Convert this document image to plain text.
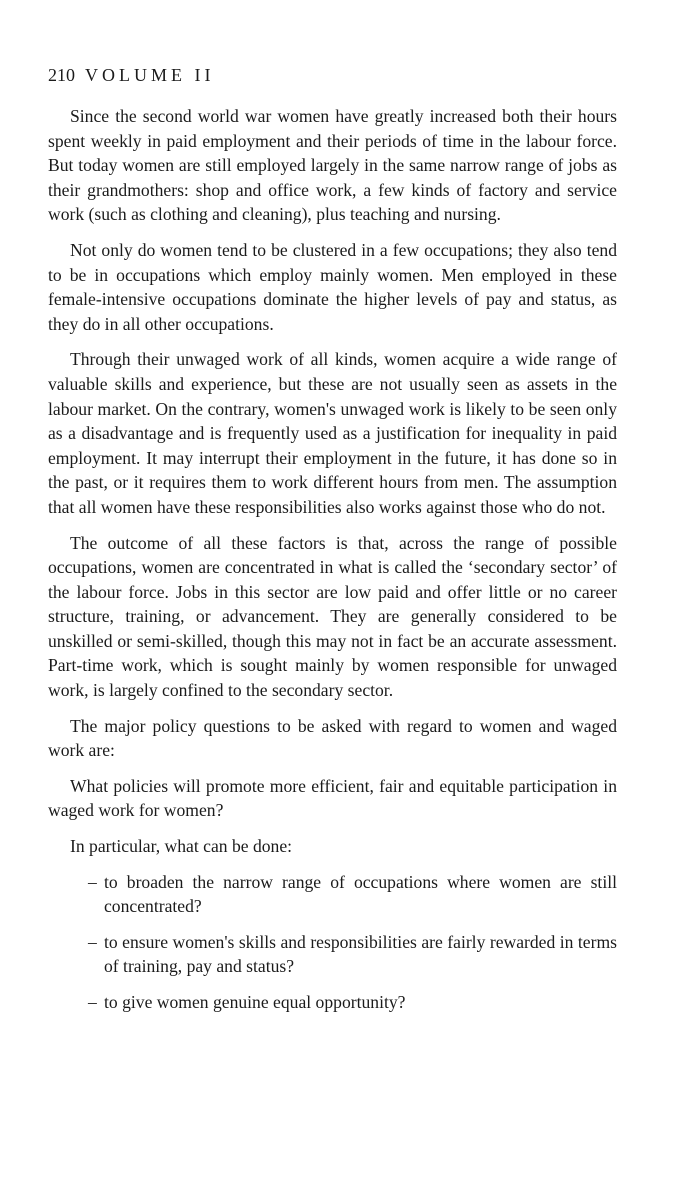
210 VOLUME II

Since the second world war women have greatly increased both their hours spent weekly in paid employment and their periods of time in the labour force. But today women are still employed largely in the same narrow range of jobs as their grandmothers: shop and office work, a few kinds of factory and service work (such as clothing and cleaning), plus teaching and nursing.

Not only do women tend to be clustered in a few occupations; they also tend to be in occupations which employ mainly women. Men employed in these female-intensive occupations dominate the higher levels of pay and status, as they do in all other occupations.

Through their unwaged work of all kinds, women acquire a wide range of valuable skills and experience, but these are not usually seen as assets in the labour market. On the contrary, women's unwaged work is likely to be seen only as a disadvantage and is frequently used as a justification for inequality in paid employment. It may interrupt their employment in the future, it has done so in the past, or it requires them to work different hours from men. The assumption that all women have these responsibilities also works against those who do not.

The outcome of all these factors is that, across the range of possible occupations, women are concentrated in what is called the ‘secondary sector’ of the labour force. Jobs in this sector are low paid and offer little or no career structure, training, or advancement. They are generally considered to be unskilled or semi-skilled, though this may not in fact be an accurate assessment. Part-time work, which is sought mainly by women responsible for unwaged work, is largely confined to the secondary sector.

The major policy questions to be asked with regard to women and waged work are:

What policies will promote more efficient, fair and equitable participation in waged work for women?

In particular, what can be done:

– to broaden the narrow range of occupations where women are still concentrated?
– to ensure women's skills and responsibilities are fairly rewarded in terms of training, pay and status?
– to give women genuine equal opportunity?
